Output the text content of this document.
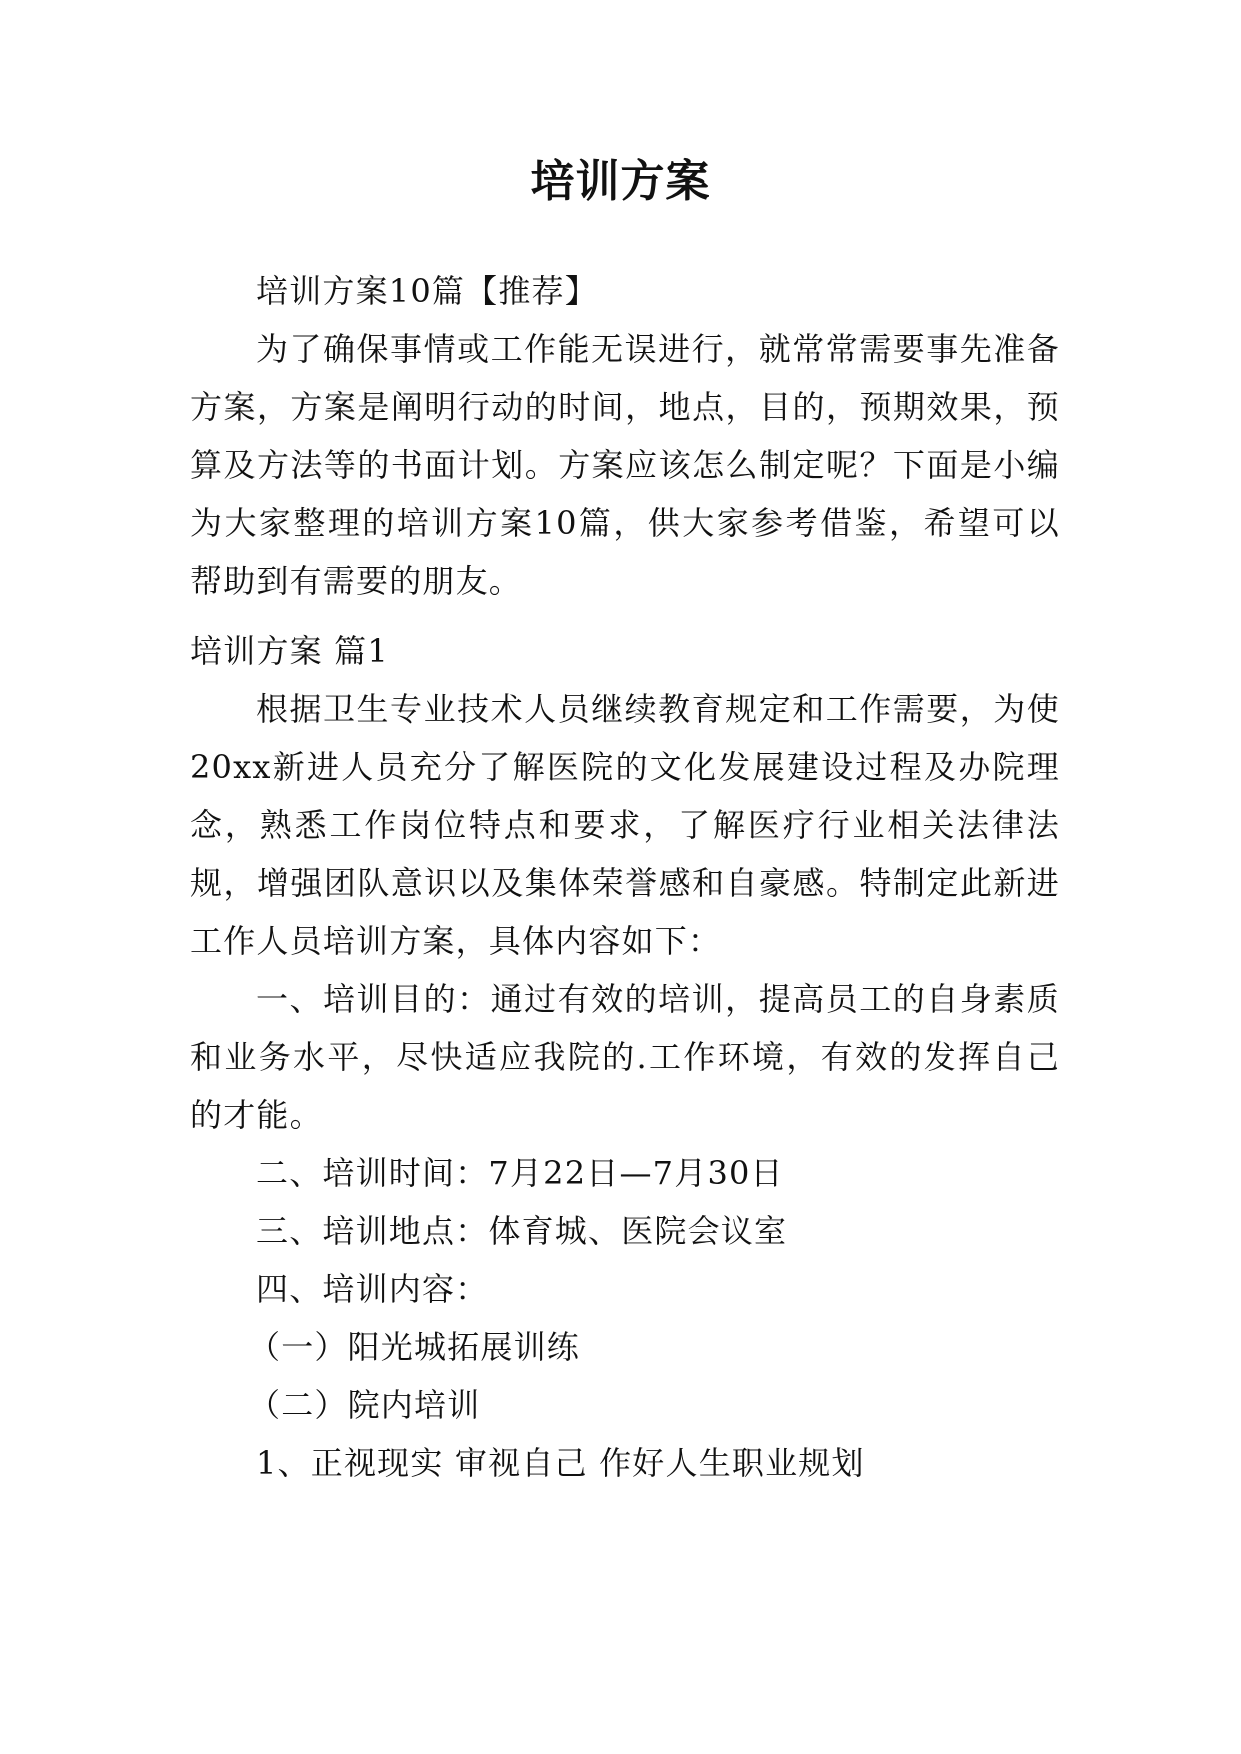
培训方案

培训方案10篇【推荐】

为了确保事情或工作能无误进行，就常常需要事先准备方案，方案是阐明行动的时间，地点，目的，预期效果，预算及方法等的书面计划。方案应该怎么制定呢？下面是小编为大家整理的培训方案10篇，供大家参考借鉴，希望可以帮助到有需要的朋友。

培训方案 篇1

根据卫生专业技术人员继续教育规定和工作需要，为使20xx新进人员充分了解医院的文化发展建设过程及办院理念，熟悉工作岗位特点和要求，了解医疗行业相关法律法规，增强团队意识以及集体荣誉感和自豪感。特制定此新进工作人员培训方案，具体内容如下：

一、培训目的：通过有效的培训，提高员工的自身素质和业务水平，尽快适应我院的.工作环境，有效的发挥自己的才能。

二、培训时间：7月22日—7月30日

三、培训地点：体育城、医院会议室

四、培训内容：

（一）阳光城拓展训练

（二）院内培训

1、正视现实 审视自己 作好人生职业规划
